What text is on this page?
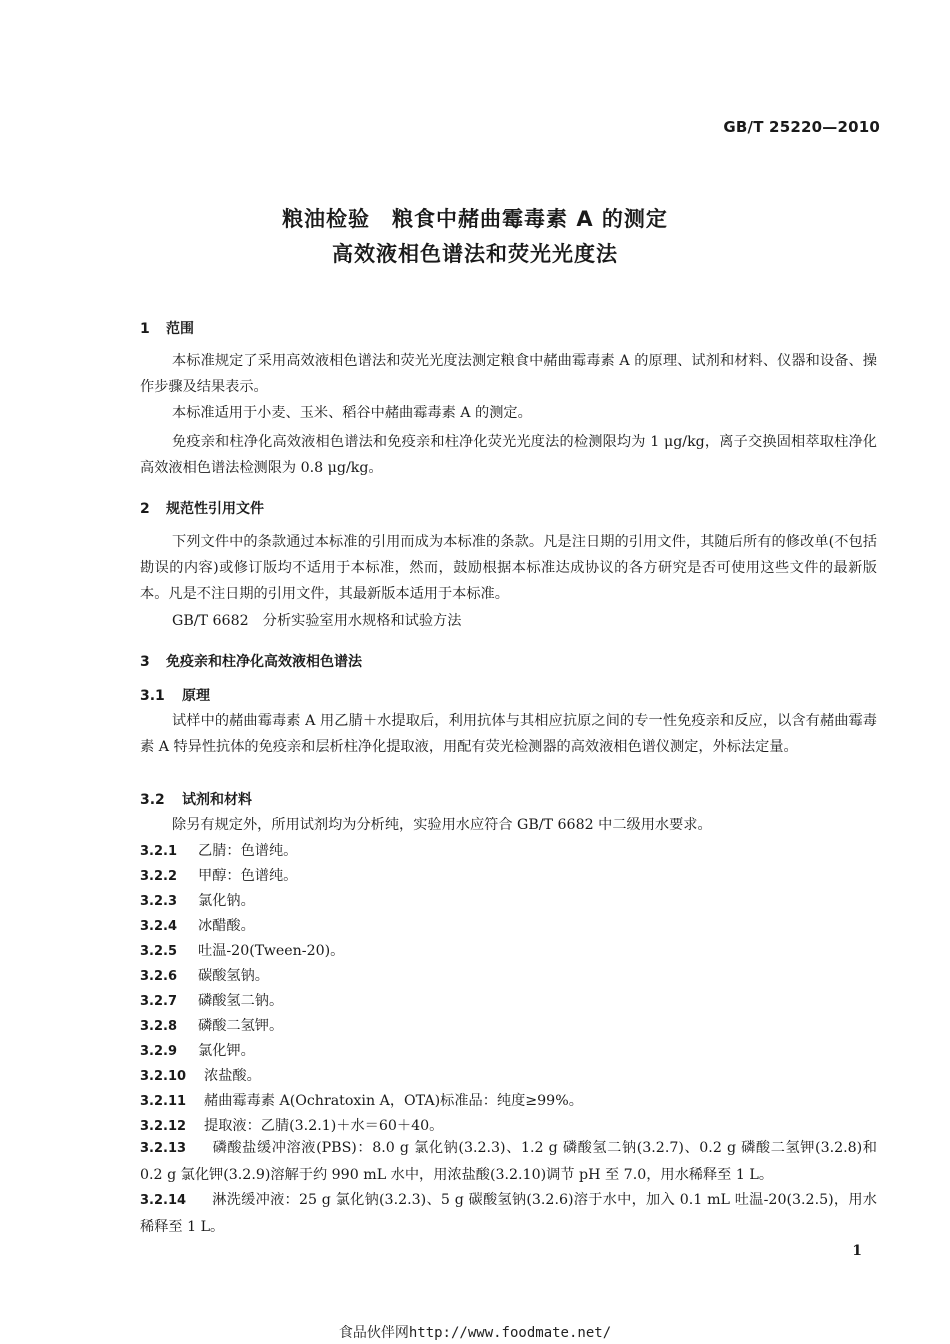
GB/T 25220—2010
粮油检验　粮食中赭曲霉毒素 A 的测定
高效液相色谱法和荧光光度法
1 范围

本标准规定了采用高效液相色谱法和荧光光度法测定粮食中赭曲霉毒素 A 的原理、试剂和材料、仪器和设备、操作步骤及结果表示。

本标准适用于小麦、玉米、稻谷中赭曲霉毒素 A 的测定。

免疫亲和柱净化高效液相色谱法和免疫亲和柱净化荧光光度法的检测限均为 1 μg/kg，离子交换固相萃取柱净化高效液相色谱法检测限为 0.8 μg/kg。

2 规范性引用文件

下列文件中的条款通过本标准的引用而成为本标准的条款。凡是注日期的引用文件，其随后所有的修改单(不包括勘误的内容)或修订版均不适用于本标准，然而，鼓励根据本标准达成协议的各方研究是否可使用这些文件的最新版本。凡是不注日期的引用文件，其最新版本适用于本标准。

GB/T 6682　分析实验室用水规格和试验方法
3 免疫亲和柱净化高效液相色谱法
3.1 原理

试样中的赭曲霉毒素 A 用乙腈＋水提取后，利用抗体与其相应抗原之间的专一性免疫亲和反应，以含有赭曲霉毒素 A 特异性抗体的免疫亲和层析柱净化提取液，用配有荧光检测器的高效液相色谱仪测定，外标法定量。

3.2 试剂和材料
除另有规定外，所用试剂均为分析纯，实验用水应符合 GB/T 6682 中二级用水要求。
3.2.1 乙腈：色谱纯。
3.2.2 甲醇：色谱纯。
3.2.3 氯化钠。
3.2.4 冰醋酸。
3.2.5 吐温-20(Tween-20)。
3.2.6 碳酸氢钠。
3.2.7 磷酸氢二钠。
3.2.8 磷酸二氢钾。
3.2.9 氯化钾。
3.2.10 浓盐酸。
3.2.11 赭曲霉毒素 A(Ochratoxin A，OTA)标准品：纯度≥99%。
3.2.12 提取液：乙腈(3.2.1)＋水＝60＋40。

3.2.13 磷酸盐缓冲溶液(PBS)：8.0 g 氯化钠(3.2.3)、1.2 g 磷酸氢二钠(3.2.7)、0.2 g 磷酸二氢钾(3.2.8)和 0.2 g 氯化钾(3.2.9)溶解于约 990 mL 水中，用浓盐酸(3.2.10)调节 pH 至 7.0，用水稀释至 1 L。

3.2.14 淋洗缓冲液：25 g 氯化钠(3.2.3)、5 g 碳酸氢钠(3.2.6)溶于水中，加入 0.1 mL 吐温-20(3.2.5)，用水稀释至 1 L。

1
食品伙伴网http://www.foodmate.net/
